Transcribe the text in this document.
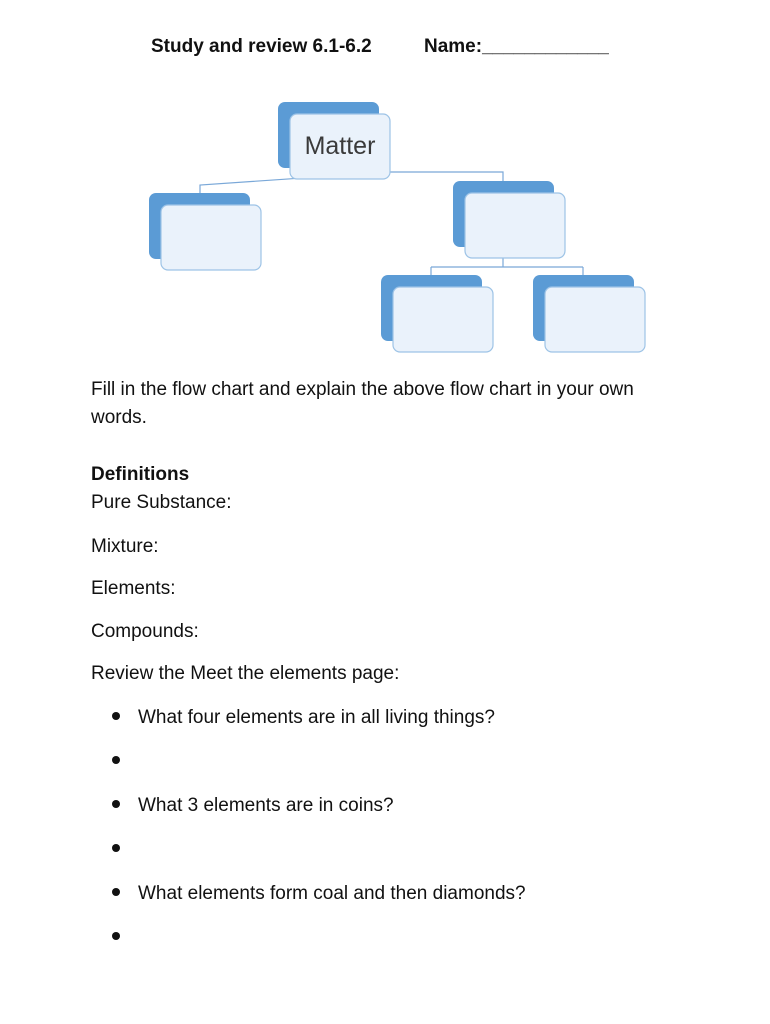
Study and review 6.1-6.2	Name:____________
Matter
Fill in the flow chart and explain the above flow chart in your own words.
Definitions
Pure Substance:
Mixture:
Elements:
Compounds:
Review the Meet the elements page:
What four elements are in all living things?
What 3 elements are in coins?
What elements form coal and then diamonds?
